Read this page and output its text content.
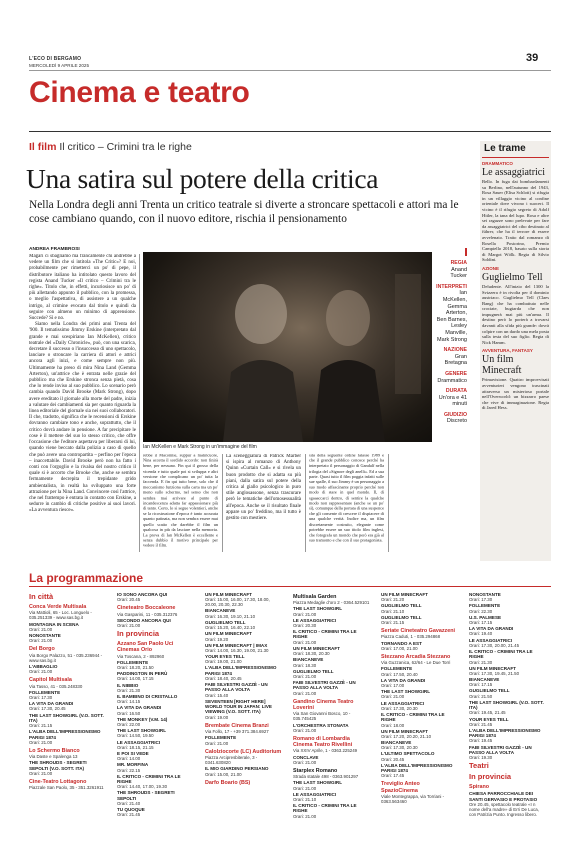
L'ECO DI BERGAMO
MERCOLEDÌ 9 APRILE 2025
39
Cinema e teatro
Il film Il critico – Crimini tra le righe
Una satira sul potere della critica
Nella Londra degli anni Trenta un critico teatrale si diverte a stroncare spettacoli e attori ma le cose cambiano quando, con il nuovo editore, rischia il pensionamento
ANDREA FRAMBROSI

Magari ci sbagliamo ma francamente chi andrebbe a vedere un film che si intitola «The Critic»? E noi, probabilmente per rimetterci un po' di pepe, il distributore italiano ha intitolato questo lavoro del regista Anand Tucker «Il critico – Crimini tra le righe». Titolo che, in effetti, incuriosisce un po' di più allettando appunto il pubblico, con la promessa, o meglio l'aspettativa, di assistere a un qualche intrigo, al crimine evocato dal titolo e quindi da seguire con almeno un minimo di apprensione. Succede? Sì e no.

Siamo nella Londra dei primi anni Trenta del '900. Il tematissimo Jimmy Erskine (interpretato dal grande e mai scespiriano Ian McKellen), critico teatrale del «Daily Chronicle», può, con una scarica, decretare il successo o l'insuccesso di uno spettacolo, lanciare o stroncare la carriera di attori e attrici ancora agli inizi, e come sempre non più. Ultimamente ha preso di mira Nina Land (Gemma Arterton), un'attrice che è entrata nelle grazie del pubblico ma che Erskine stronca senza pietà, cosa che lo rende inviso al suo pubblico. Lo scenario però cambia quando David Brooke (Mark Strong), dopo avere ereditato il giornale alla morte del padre, inizia a valutare dei cambiamenti sia per quanto riguarda la linea editoriale del giornale sia nei suoi collaboratori. Il che, tradotto, significa che le recensioni di Erskine dovranno cambiare tono e anche, soprattutto, che il critico dovrà andare in pensione. A far precipitare le cose è il mettere del suo lo stesso critico, che offre l'occasione che l'editore aspettava per liberarsi di lui, quando viene beccato dalla polizia a caso di quello che può avere una contropartita – perfino per l'epoca – inaccettabile. David Brooke però non ha fatto i conti con l'orgoglio e la rivalsa del nostro critico il quale si è accorto che Brooke che, anche se sembra fermamente decrepita il trepidante grido ambientalista, in realtà ha sviluppato una forte attrazione per la Nina Land. Convincere così l'attrice, che nel frattempo è entrata in contatto con Erskine, a sedurre in cambio di critiche positive ai suoi lavori. «La avventura riesce».

Ian McKellen e Mark Strong in un'immagine del film
REGIA
Anand Tucker
INTERPRETI
Ian McKellen, Gemma Arterton, Ben Barnes, Lesley Manville, Mark Strong
NAZIONE
Gran Bretagna
GENERE
Drammatico
DURATA
Un'ora e 41 minuti
GIUDIZIO
Discreto

rebbe il Maconnie, suppur a malincuore, Nina accetta il sordido accordo: non finirà bene, per nessuno. Fin qui il grosso della vicenda e tutto quale poi si sviluppa e altri versione che complicano un po' tutta la faccenda. E fin qui tutto bene, solo che il meccanismo funziona sulla carta ma un po' meno sullo schermo, nel senso che non sembra mai arrivare al punto di incandescenza adatta far appassionare più di tanto. Certo, lo si segue volentieri, anche se la ricostruzione d'epoca è tanto accurata quanto patinata, ma non sembra essere mai quello scatto che darebbe il film un qualcosa in più da lasciare nella memoria. La prova di Ian McKellen è eccellente e senza dubbio il motivo principale per vedere il film.

La sceneggiatura di Patrick Marber si ispira al romanzo di Anthony Quinn «Curtain Call» e si rivela un buon prodotto che si adatta su più piani, dalla satira sul potere della critica al giallo psicologico in puro stile anglosassone, senza trascurare però le tematiche dell'omosessualità all'epoca. Anche se il risultato finale appare un po' freddino, ma il tutto è gestito con mestiere.

sità della seguente ordine fatasse 1989 e che il grande pubblico conosce perché ha interpretato il personaggio di Gandalf nella trilogia del «Signore degli anelli». Ed a sua parte. Quasi tutto il film poggia infatti sulle sue spalle, il suo Jimmy è un personaggio a suo modo affascinante proprio perché non modo di stare in quel mondo. Il, di sgaaaccarci dentro, di sentire la qualche modo non rappresentare (anche se un po' sì), comunque della portata di una suspence che gli consente di crescere il dispiacere di una qualche verità. Inoltre ma, un film discretamente costruito, elegante come potrebbe essere un suo titolo film inglesi, che fotografa un mondo che però era già al suo tramonto e che con il suo protagonista.

Le trame
DRAMMATICO
Le assaggiatrici
Bello. In fuga dai bombardamenti su Berlino, nell'autunno del 1943, Rosa Sauer (Elisa Schlott) si rifugia in un villaggio vicino al confine orientale dove vivono i suoceri. Il vicino è il rifugio segreto di Adolf Hitler, la tana del lupo. Rosa e altre sei ragazze sono prelevate per fare da assaggiatrici del cibo destinato al führer, che ha il terrore di essere avvelenato. Tratto dal romanzo di Rosella Postorino, Premio Campiello 2018, basato sulla storia di Margot Wölk. Regia di Silvio Soldini.
AZIONE
Guglielmo Tell
Deludente. All'inizio del 1300 la Svizzera è in rivolta per il dominio austriaco. Guglielmo Tell (Claes Bang) che ha combattuto nelle crociate, bugiarda che non impugnerà mai più un'arma. Il destino però lo porterà a trovarsi davanti alla sfida più grande: dovrà colpire con un dardo una mela posta sulla testa del suo figlio. Regia di Nick Hamm.
AVVENTURA, FANTASY
Un film Minecraft
Primavisione. Quattro improvvisati avventurieri vengono trascinati attraverso un misterioso portale nell'Overworld: un bizzarro paese che vive di immaginazione. Regia di Jared Hess.
La programmazione
In città
Conca Verde Multisala
Via Mattioli, 65 - Loc. Longuelo - 035.251339 - www.sas.bg.it
MONTAGNA IN SCENA
Orari: 21.00
NONOSTANTE
Orari: 21.00
Del Borgo
Via Borgo Palazzo, 51 - 035.236944 - www.sas.bg.it
L'ABBAGLIO
Orari: 21.00
Capitol Multisala
Via Tasso, 41 - 035.248330
FOLLEMENTE
Orari: 17.30
LA VITA DA GRANDI
Orari: 17.30, 20.45
THE LAST SHOWGIRL (V.O. SOTT. ITA)
Orari: 21.15
L'ALBA DELL'IMPRESSIONISMO PARIGI 1874
Orari: 21.00
Lo Schermo Bianco
Via Daste e Spalenga 13
THE SHROUDS - SEGRETI SEPOLTI (V.O. SOTT. ITA)
Orari: 21.00
Cine-Teatro Lottagono
Piazzale San Paolo, 35 - 351.3261911
IO SONO ANCORA QUI
Orari: 20.45
Cineteatro Boccaleone
Via Gasparini, 11 - 035.312376
SECONDO ANCORA QUI
Orari: 21.00
In provincia
Azzano San Paolo Uci Cinemas Orio
Via Toscana, 2 - 892960
FOLLEMENTE
Orari: 18.20, 21.50
PADDINGTON IN PERÙ
Orari: 14.00, 17.15
IL NIBBIO
Orari: 21.30
IL BAMBINO DI CRISTALLO
Orari: 14.15
LA VITA DA GRANDI
Orari: 16.50
THE MONKEY (V.M. 14)
Orari: 22.00
THE LAST SHOWGIRL
Orari: 14.50, 19.50
LE ASSAGGIATRICI
Orari: 18.15, 21.15
E POI SI VEDE
Orari: 14.00
MR. MORFINA
Orari: 22.15
IL CRITICO - CRIMINI TRA LE RIGHE
Orari: 14.40, 17.00, 19.30
THE SHROUDS - SEGRETI SEPOLTI
Orari: 21.40
TU QUOQUE
Orari: 21.45
UN FILM MINECRAFT
Orari: 15.00, 16.00, 17.30, 18.00, 20.00, 20.30, 22.30
BIANCANEVE
Orari: 16.30, 19.10, 21.10
GUGLIELMO TELL
Orari: 15.20, 16.40, 22.10
UN FILM MINECRAFT
Orari: 19.20
UN FILM MINECRAFT | IMAX
Orari: 14.00, 16.30, 19.00, 21.30
YOUR EYES TELL
Orari: 19.00, 21.00
L'ALBA DELL'IMPRESSIONISMO PARIGI 1874
Orari: 18.40, 20.45
FABI SILVESTRI GAZZÈ - UN PASSO ALLA VOLTA
Orari: 15.40
SEVENTEEN [RIGHT HERE] WORLD TOUR IN JAPAN: LIVE VIEWING (V.O. SOTT. ITA)
Orari: 19.00
Brembate Cinema Branzi
Via Follo, 17 - +39 371.384.6927
FOLLEMENTE
Orari: 21.00
Calolziocorte (LC) Auditorium
Piazza Arcipresbiterale, 3 - 0341.630820
IL MIO GIARDINO PERSIANO
Orari: 15.00, 21.00
Darfo Boario (BS)
Multisala Garden
Piazza Medaglie d'oro 2 - 0364.529101
THE LAST SHOWGIRL
Orari: 21.00
LE ASSAGGIATRICI
Orari: 20.30
IL CRITICO - CRIMINI TRA LE RIGHE
Orari: 21.00
UN FILM MINECRAFT
Orari: 18.30, 20.30
BIANCANEVE
Orari: 18.30
GUGLIELMO TELL
Orari: 21.00
FABI SILVESTRI GAZZÈ - UN PASSO ALLA VOLTA
Orari: 21.00
Gandino Cinema Teatro Loverini
Via San Giovanni Bosco, 10 - 035.745425
L'ORCHESTRA STONATA
Orari: 21.00
Romano di Lombardia Cinema Teatro Rivellini
Via XXIV Aprile, 1 - 0363.225249
CONCLAVE
Orari: 21.00
Starplex Romano
Strada statale 498 - 0363.901297
THE LAST SHOWGIRL
Orari: 21.00
LE ASSAGGIATRICI
Orari: 21.10
IL CRITICO - CRIMINI TRA LE RIGHE
Orari: 21.00
UN FILM MINECRAFT
Orari: 21.20
GUGLIELMO TELL
Orari: 21.10
GUGLIELMO TELL
Orari: 21.15
Seriate Cineteatro Gavazzeni
Piazza Caduti, 1 - 035.294868
TORNANDO A EST
Orari: 17.00, 21.00
Stezzano Arcadia Stezzano
Via Guzzanica, 62/64 - Le Due Torri
FOLLEMENTE
Orari: 17.50, 20.40
LA VITA DA GRANDI
Orari: 17.00
THE LAST SHOWGIRL
Orari: 21.00
LE ASSAGGIATRICI
Orari: 17.30, 20.30
IL CRITICO - CRIMINI TRA LE RIGHE
Orari: 18.00
UN FILM MINECRAFT
Orari: 17.20, 20.20, 21.10
BIANCANEVE
Orari: 17.30, 20.30
L'ULTIMO SPETTACOLO
Orari: 20.45
L'ALBA DELL'IMPRESSIONISMO PARIGI 1874
Orari: 17.45
Treviglio Anteo SpazioCinema
Viale Montegrappa, via Torriani - 0363.563460
NONOSTANTE
Orari: 17.30
FOLLEMENTE
Orari: 22.30
U.S. PALMESE
Orari: 17.15
LA VITA DA GRANDI
Orari: 19.40
LE ASSAGGIATRICI
Orari: 17.30, 20.00, 21.45
IL CRITICO - CRIMINI TRA LE RIGHE
Orari: 21.30
UN FILM MINECRAFT
Orari: 17.30, 19.45, 21.50
BIANCANEVE
Orari: 17.15
GUGLIELMO TELL
Orari: 21.50
THE LAST SHOWGIRL (V.O. SOTT. ITA)
Orari: 19.45, 21.45
YOUR EYES TELL
Orari: 21.45
L'ALBA DELL'IMPRESSIONISMO PARIGI 1874
Orari: 19.45
FABI SILVESTRI GAZZÈ - UN PASSO ALLA VOLTA
Orari: 19.30
Teatri
In provincia
Spirano
CHIESA PARROCCHIALE DEI SANTI GERVASIO E PROTASIO
Ore 20.45, spettacolo teatrale «I n nome dell'a madre» di Erri De Luca, con Patrizia Punto. Ingresso libero.
